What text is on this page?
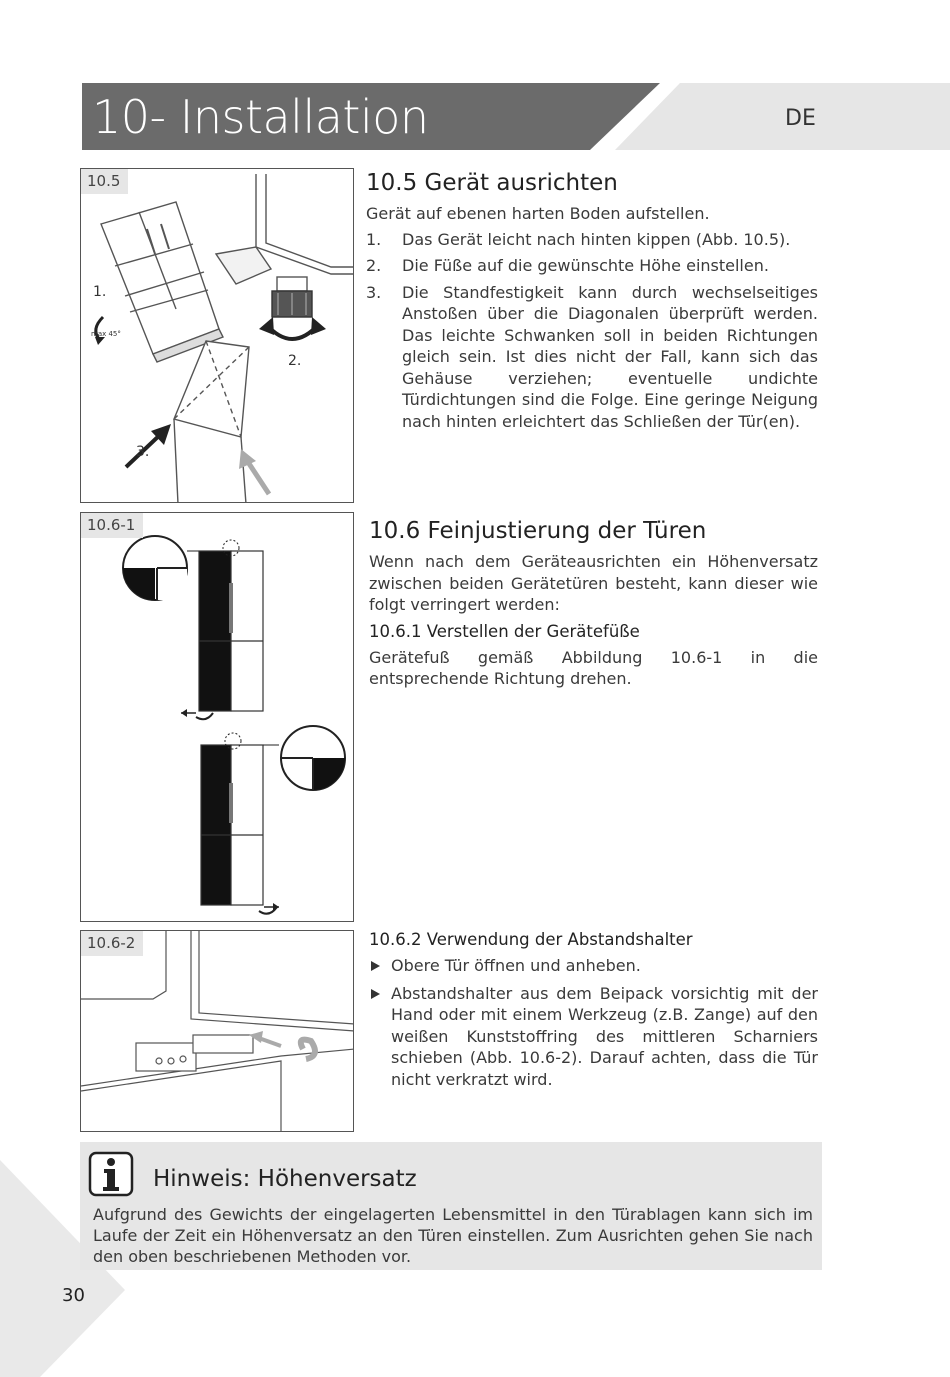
10- Installation	DE
10.5
1.
max 45°
2.
3.
10.5 Gerät ausrichten
Gerät auf ebenen harten Boden aufstellen.
1. Das Gerät leicht nach hinten kippen (Abb. 10.5).
2. Die Füße auf die gewünschte Höhe einstellen.
3. Die Standfestigkeit kann durch wechselseitiges Anstoßen über die Diagonalen überprüft werden. Das leichte Schwanken soll in beiden Richtungen gleich sein. Ist dies nicht der Fall, kann sich das Gehäuse verziehen; eventuelle undichte Türdichtungen sind die Folge. Eine geringe Neigung nach hinten erleichtert das Schließen der Tür(en).
10.6-1	10.6 Feinjustierung der Türen
Wenn nach dem Geräteausrichten ein Höhenversatz zwischen beiden Gerätetüren besteht, kann dieser wie folgt verringert werden:
10.6.1 Verstellen der Gerätefüße
Gerätefuß gemäß Abbildung 10.6-1 in die entsprechende Richtung drehen.
10.6-2	10.6.2 Verwendung der Abstandshalter
Obere Tür öffnen und anheben.
Abstandshalter aus dem Beipack vorsichtig mit der Hand oder mit einem Werkzeug (z.B. Zange) auf den weißen Kunststoffring des mittleren Scharniers schieben (Abb. 10.6-2). Darauf achten, dass die Tür nicht verkratzt wird.
Hinweis: Höhenversatz
Aufgrund des Gewichts der eingelagerten Lebensmittel in den Türablagen kann sich im Laufe der Zeit ein Höhenversatz an den Türen einstellen. Zum Ausrichten gehen Sie nach den oben beschriebenen Methoden vor.
30
